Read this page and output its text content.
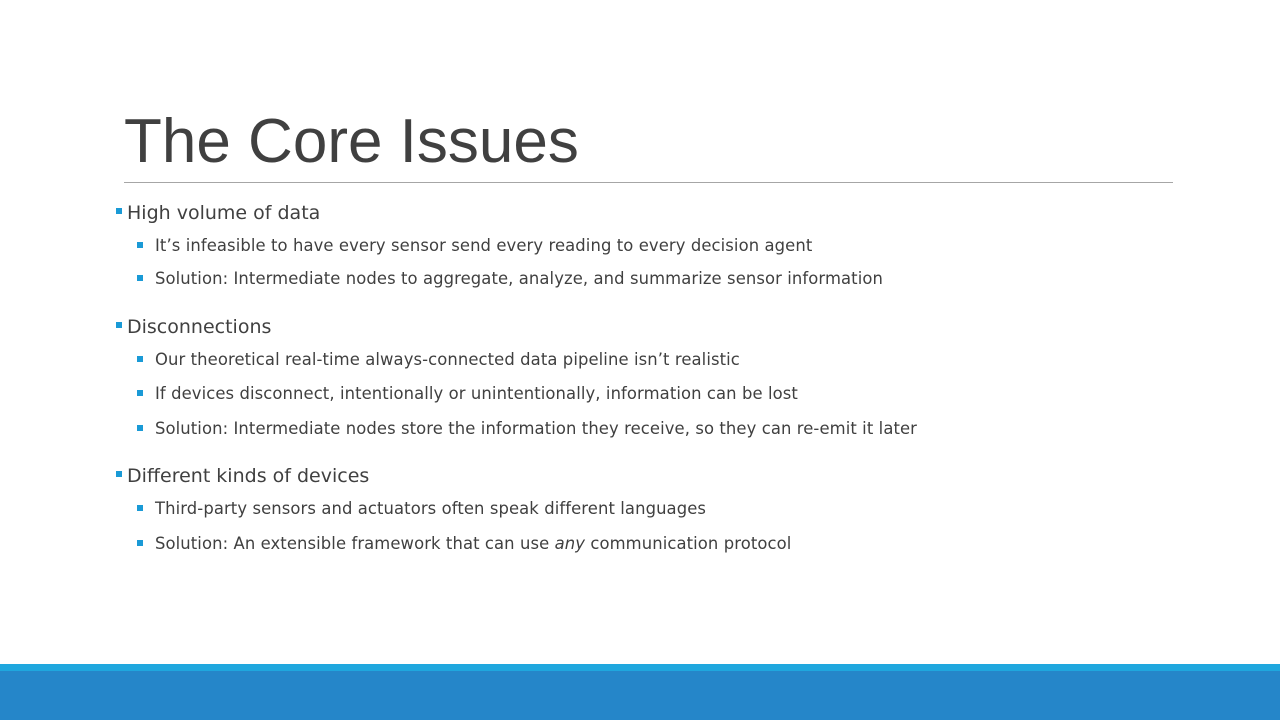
The Core Issues
High volume of data
It’s infeasible to have every sensor send every reading to every decision agent
Solution: Intermediate nodes to aggregate, analyze, and summarize sensor information
Disconnections
Our theoretical real-time always-connected data pipeline isn’t realistic
If devices disconnect, intentionally or unintentionally, information can be lost
Solution: Intermediate nodes store the information they receive, so they can re-emit it later
Different kinds of devices
Third-party sensors and actuators often speak different languages
Solution: An extensible framework that can use any communication protocol
